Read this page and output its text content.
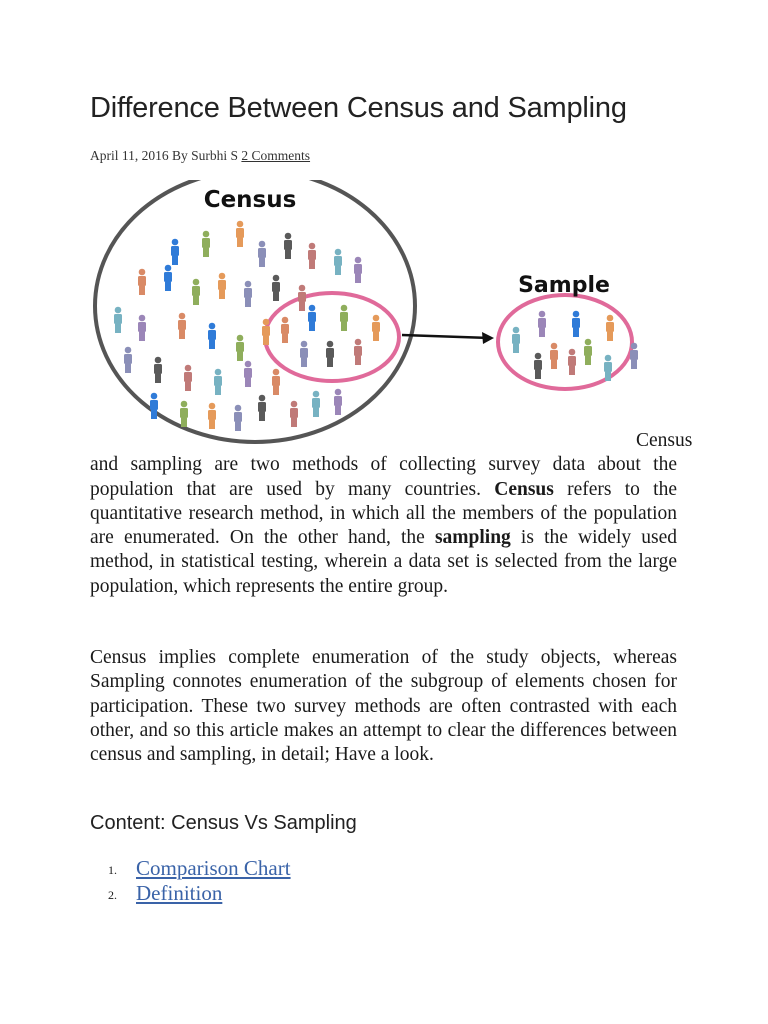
Difference Between Census and Sampling
April 11, 2016 By Surbhi S 2 Comments
Census
Sample

Census and sampling are two methods of collecting survey data about the population that are used by many countries. Census refers to the quantitative research method, in which all the members of the population are enumerated. On the other hand, the sampling is the widely used method, in statistical testing, wherein a data set is selected from the large population, which represents the entire group.

Census implies complete enumeration of the study objects, whereas Sampling connotes enumeration of the subgroup of elements chosen for participation. These two survey methods are often contrasted with each other, and so this article makes an attempt to clear the differences between census and sampling, in detail; Have a look.

Content: Census Vs Sampling
1. Comparison Chart
2. Definition
